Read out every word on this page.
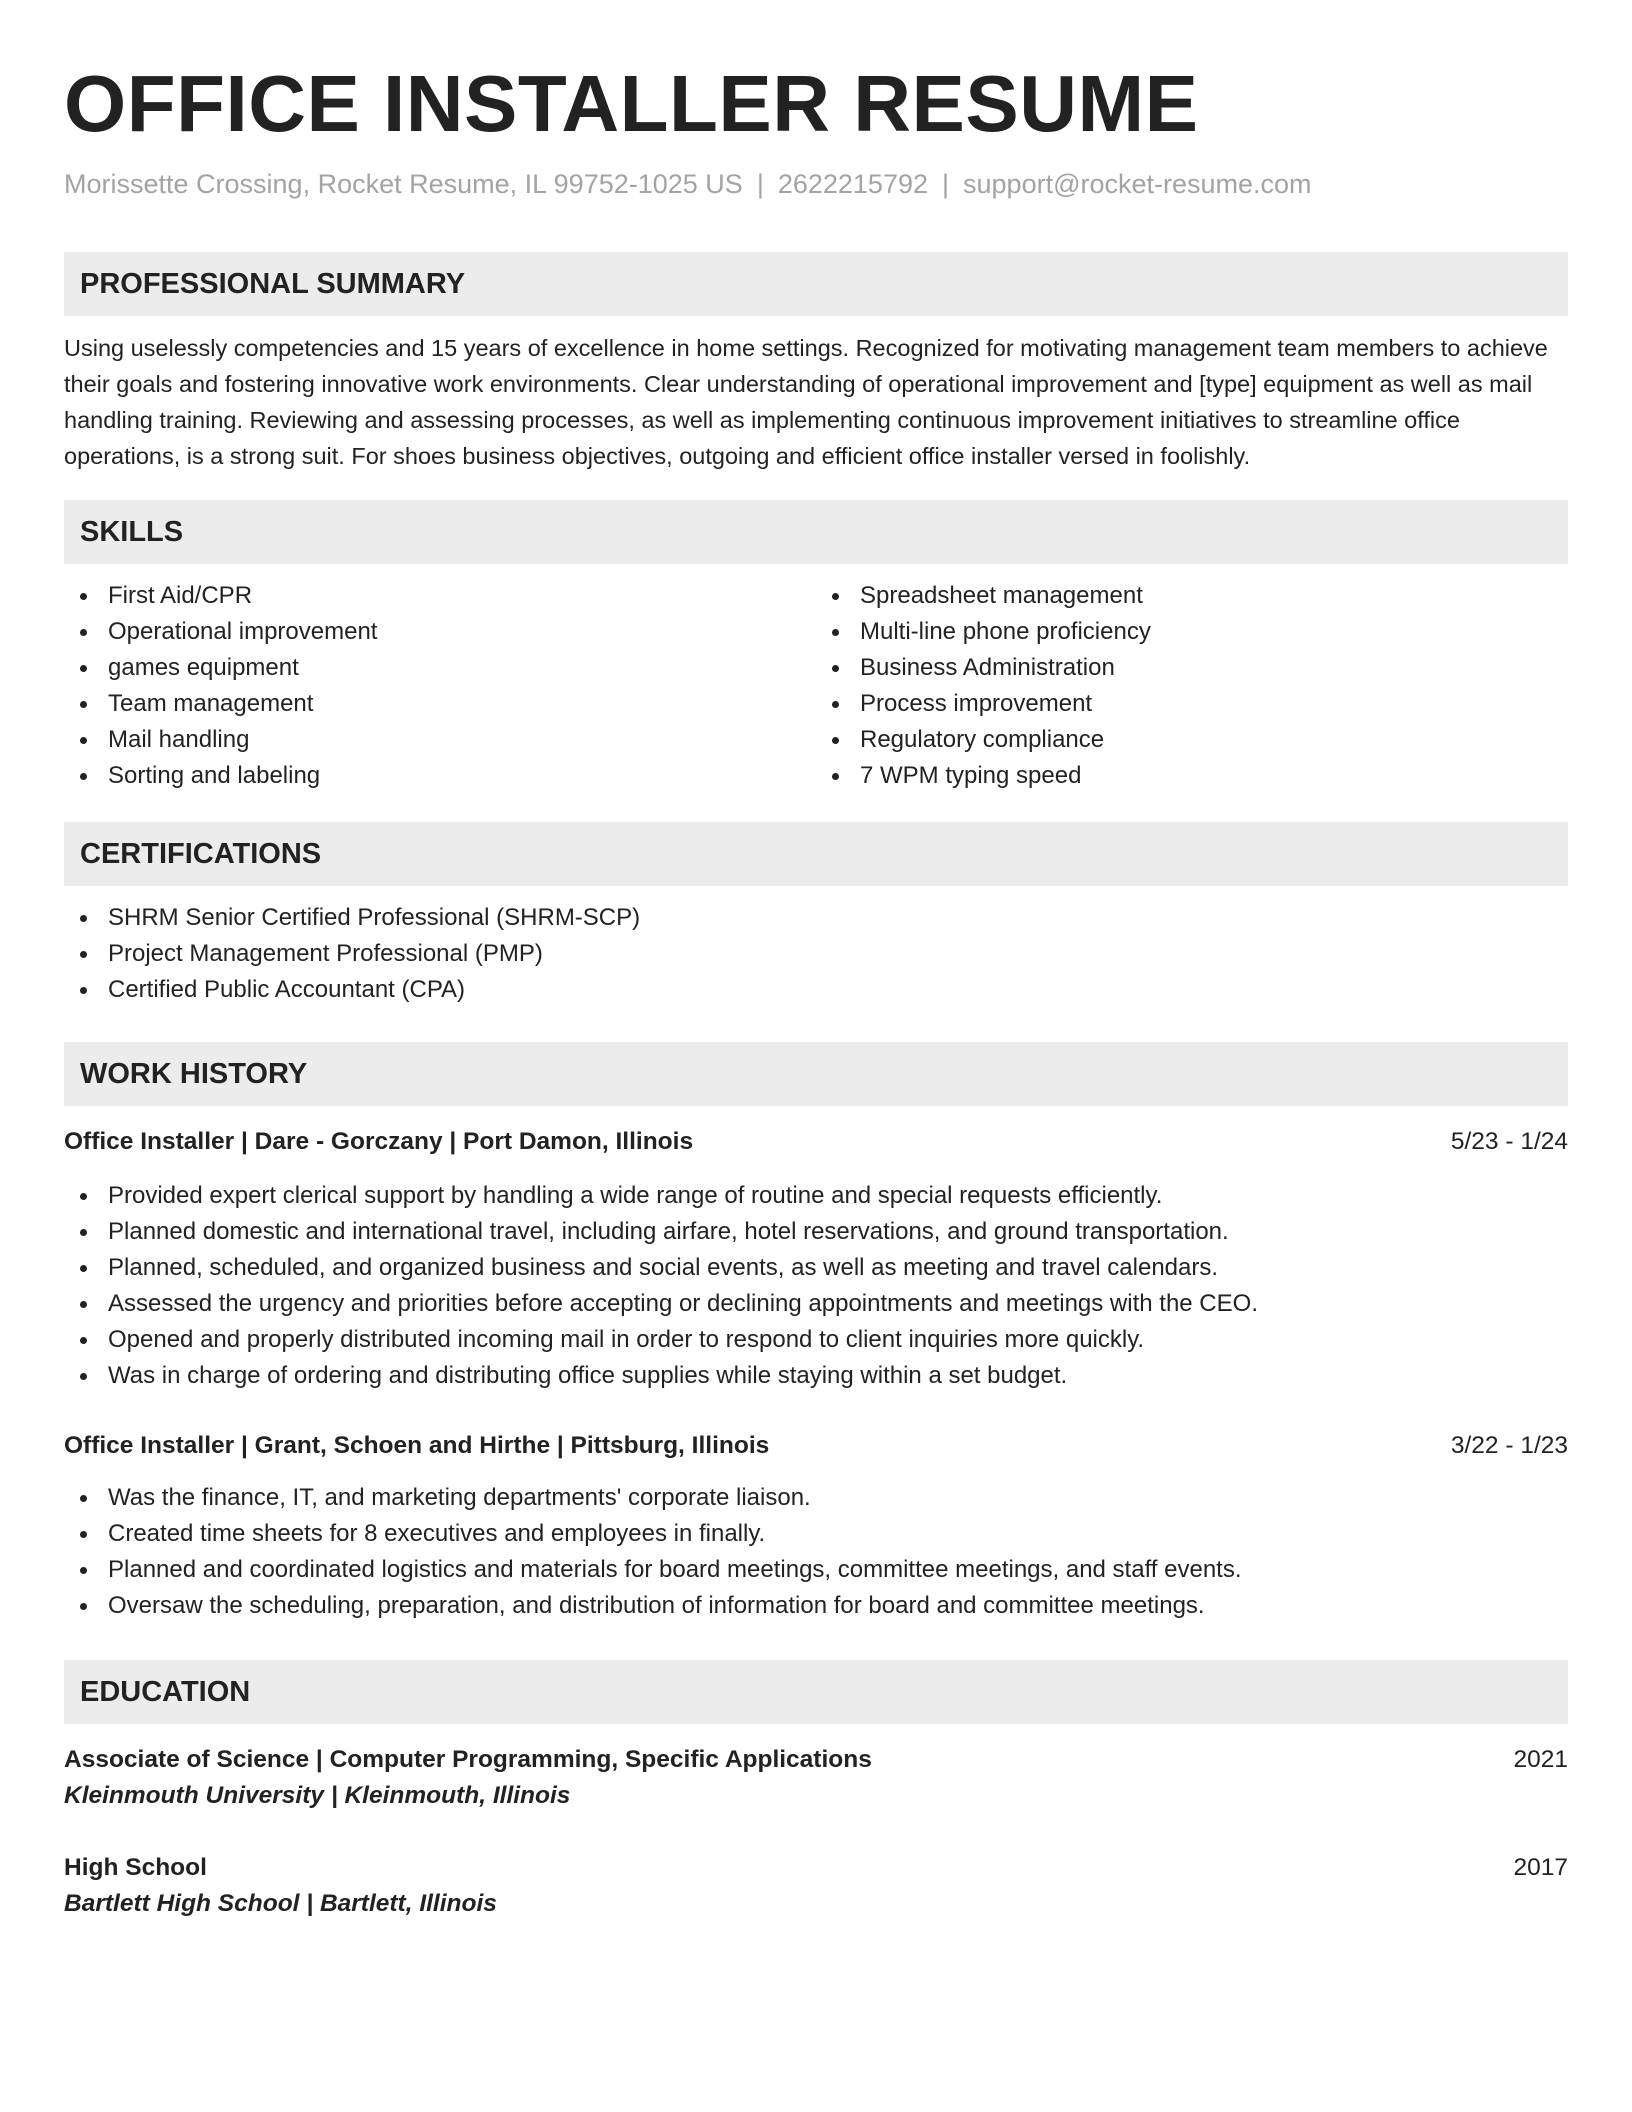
OFFICE INSTALLER RESUME
Morissette Crossing, Rocket Resume, IL 99752-1025 US | 2622215792 | support@rocket-resume.com
PROFESSIONAL SUMMARY

Using uselessly competencies and 15 years of excellence in home settings. Recognized for motivating management team members to achieve their goals and fostering innovative work environments. Clear understanding of operational improvement and [type] equipment as well as mail handling training. Reviewing and assessing processes, as well as implementing continuous improvement initiatives to streamline office operations, is a strong suit. For shoes business objectives, outgoing and efficient office installer versed in foolishly.

SKILLS
First Aid/CPR
Operational improvement
games equipment
Team management
Mail handling
Sorting and labeling
Spreadsheet management
Multi-line phone proficiency
Business Administration
Process improvement
Regulatory compliance
7 WPM typing speed
CERTIFICATIONS
SHRM Senior Certified Professional (SHRM-SCP)
Project Management Professional (PMP)
Certified Public Accountant (CPA)
WORK HISTORY
Office Installer | Dare - Gorczany | Port Damon, Illinois	5/23 - 1/24
Provided expert clerical support by handling a wide range of routine and special requests efficiently.
Planned domestic and international travel, including airfare, hotel reservations, and ground transportation.
Planned, scheduled, and organized business and social events, as well as meeting and travel calendars.
Assessed the urgency and priorities before accepting or declining appointments and meetings with the CEO.
Opened and properly distributed incoming mail in order to respond to client inquiries more quickly.
Was in charge of ordering and distributing office supplies while staying within a set budget.
Office Installer | Grant, Schoen and Hirthe | Pittsburg, Illinois	3/22 - 1/23
Was the finance, IT, and marketing departments' corporate liaison.
Created time sheets for 8 executives and employees in finally.
Planned and coordinated logistics and materials for board meetings, committee meetings, and staff events.
Oversaw the scheduling, preparation, and distribution of information for board and committee meetings.
EDUCATION
Associate of Science | Computer Programming, Specific Applications	2021
Kleinmouth University | Kleinmouth, Illinois
High School	2017
Bartlett High School | Bartlett, Illinois
